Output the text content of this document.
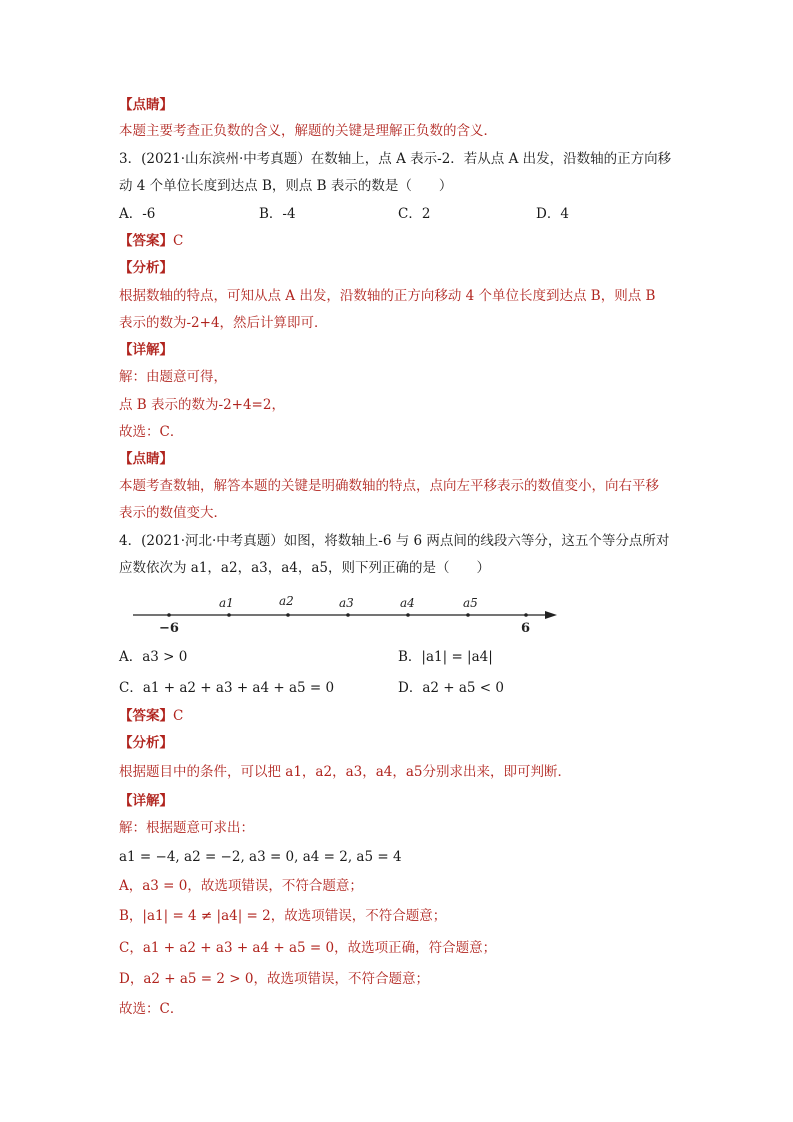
【点睛】
本题主要考查正负数的含义，解题的关键是理解正负数的含义．
3．(2021·山东滨州·中考真题）在数轴上，点 A 表示-2．若从点 A 出发，沿数轴的正方向移
动 4 个单位长度到达点 B，则点 B 表示的数是（　　）
A．-6	B．-4	C．2	D．4
【答案】C
【分析】
根据数轴的特点，可知从点 A 出发，沿数轴的正方向移动 4 个单位长度到达点 B，则点 B
表示的数为-2+4，然后计算即可．
【详解】
解：由题意可得，
点 B 表示的数为-2+4=2，
故选：C．
【点睛】
本题考查数轴，解答本题的关键是明确数轴的特点，点向左平移表示的数值变小，向右平移
表示的数值变大．
4．(2021·河北·中考真题）如图，将数轴上-6 与 6 两点间的线段六等分，这五个等分点所对
应数依次为 a1，a2，a3，a4，a5，则下列正确的是（　　）
a1	a2	a3	a4	a5
−6	6
A．a3 > 0	B．|a1| = |a4|
C．a1 + a2 + a3 + a4 + a5 = 0	D．a2 + a5 < 0
【答案】C
【分析】
根据题目中的条件，可以把 a1，a2，a3，a4，a5分别求出来，即可判断．
【详解】
解：根据题意可求出：
a1 = −4, a2 = −2, a3 = 0, a4 = 2, a5 = 4
A，a3 = 0，故选项错误，不符合题意；
B，|a1| = 4 ≠ |a4| = 2，故选项错误，不符合题意；
C，a1 + a2 + a3 + a4 + a5 = 0，故选项正确，符合题意；
D，a2 + a5 = 2 > 0，故选项错误，不符合题意；
故选：C．
